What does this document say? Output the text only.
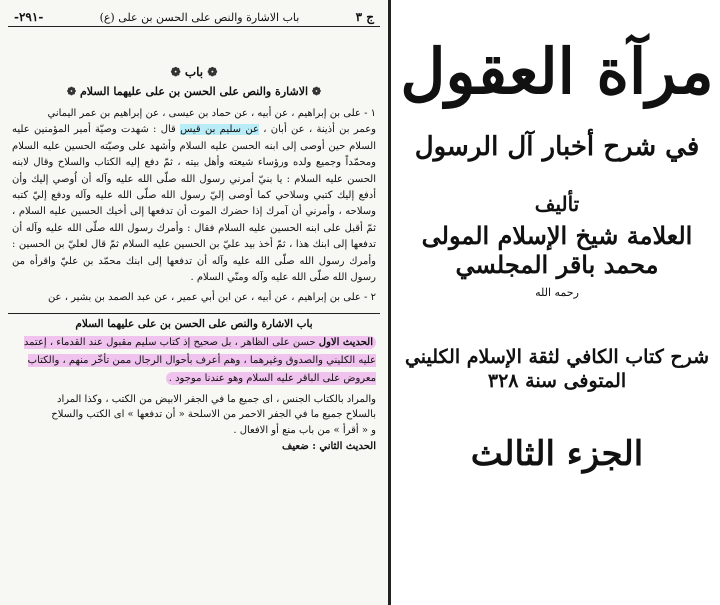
ج ٣
باب الاشارة والنص على الحسن بن على (ع)
-٢٩١-
❁ باب ❁
❁ الاشارة والنص على الحسن بن على عليهما السلام ❁
١ - على بن إبراهيم ، عن أبيه ، عن حماد بن عيسى ، عن إبراهيم بن عمر اليماني
وعمر بن أذينة ، عن أبان ، عن سليم بن قيس قال : شهدت وصيّة أمير المؤمنين عليه السلام حين أوصى إلى ابنه الحسن عليه السلام وأشهد على وصيّته الحسين عليه السلام ومحمّداً وجميع ولده ورؤساء شيعته وأهل بيته ، ثمّ دفع إليه الكتاب والسلاح وقال لابنه الحسن عليه السلام : يا بنيّ أمرني رسول الله صلّى الله عليه وآله أن اُوصي إليك وأن أدفع إليك كتبي وسلاحي كما أوصى إليّ رسول الله صلّى الله عليه وآله ودفع إليّ كتبه وسلاحه ، وأمرني أن آمرك إذا حضرك الموت أن تدفعها إلى أخيك الحسين عليه السلام ، ثمّ أقبل على ابنه الحسين عليه السلام فقال : وأمرك رسول الله صلّى الله عليه وآله أن تدفعها إلى ابنك هذا ، ثمّ أخذ بيد عليّ بن الحسين عليه السلام ثمّ قال لعليّ بن الحسين : وأمرك رسول الله صلّى الله عليه وآله أن تدفعها إلى ابنك محمّد بن عليّ واقرأه من رسول الله صلّى الله عليه وآله ومنّي السلام .
٢ - على بن إبراهيم ، عن أبيه ، عن ابن أبي عمير ، عن عبد الصمد بن بشير ، عن
باب الاشارة والنص على الحسن بن على عليهما السلام
الحديث الاول حسن على الظاهر ، بل صحيح إذ كتاب سليم مقبول عند القدماء ، إعتمد عليه الكليني والصدوق وغيرهما ، وهم أعرف بأحوال الرجال ممن تأخّر منهم ، والكتاب معروض على الباقر عليه السلام وهو عندنا موجود .
والمراد بالكتاب الجنس ، اى جميع ما في الجفر الابيض من الكتب ، وكذا المراد
بالسلاح جميع ما في الجفر الاحمر من الاسلحة « أن تدفعها » اى الكتب والسلاح
و « أقرأ » من باب منع أو الافعال .
الحديث الثاني : ضعيف
مرآة العقول
في شرح أخبار آل الرسول
تأليف
العلامة شيخ الإسلام المولى محمد باقر المجلسي
رحمه الله
شرح كتاب الكافي لثقة الإسلام الكليني المتوفى سنة ٣٢٨
الجزء الثالث
